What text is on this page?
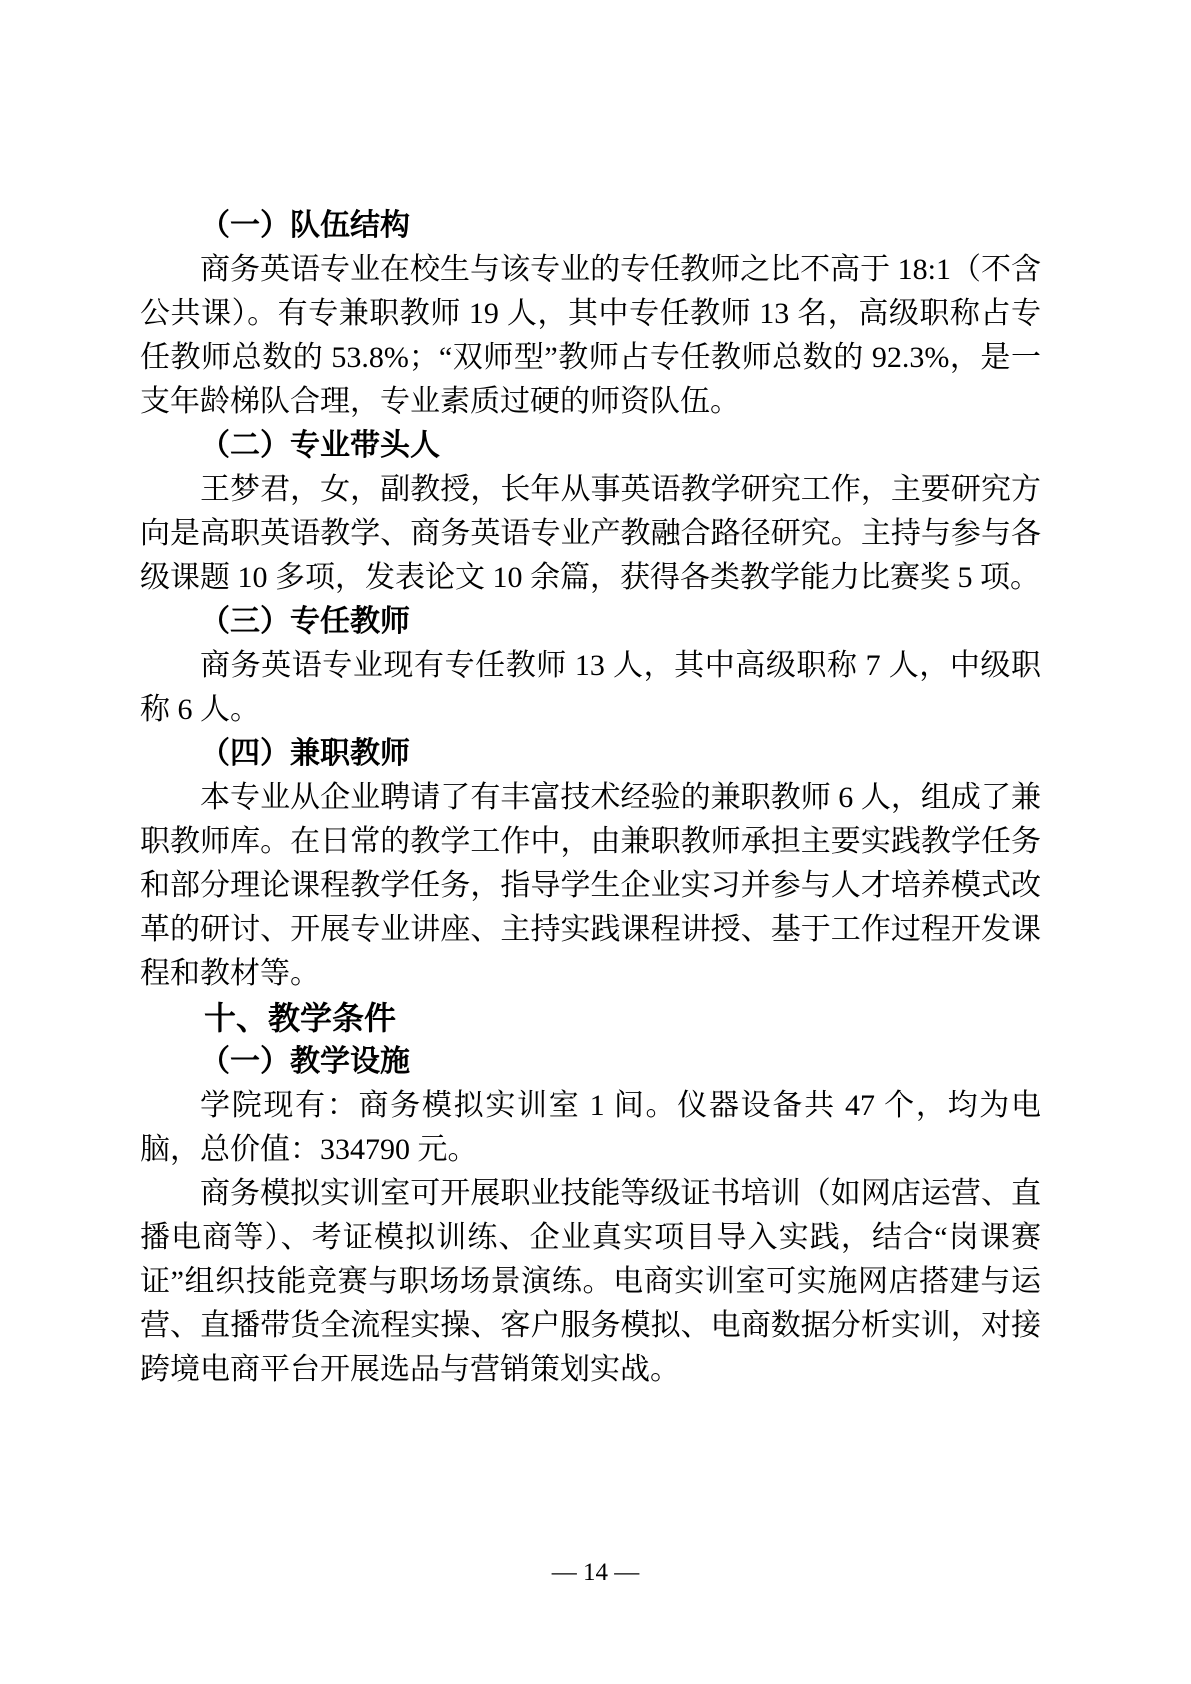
（一）队伍结构
商务英语专业在校生与该专业的专任教师之比不高于 18:1（不含公共课）。有专兼职教师 19 人，其中专任教师 13 名，高级职称占专任教师总数的 53.8%；“双师型”教师占专任教师总数的 92.3%，是一支年龄梯队合理，专业素质过硬的师资队伍。
（二）专业带头人
王梦君，女，副教授，长年从事英语教学研究工作，主要研究方向是高职英语教学、商务英语专业产教融合路径研究。主持与参与各级课题 10 多项，发表论文 10 余篇，获得各类教学能力比赛奖 5 项。
（三）专任教师
商务英语专业现有专任教师 13 人，其中高级职称 7 人，中级职称 6 人。
（四）兼职教师
本专业从企业聘请了有丰富技术经验的兼职教师 6 人，组成了兼职教师库。在日常的教学工作中，由兼职教师承担主要实践教学任务和部分理论课程教学任务，指导学生企业实习并参与人才培养模式改革的研讨、开展专业讲座、主持实践课程讲授、基于工作过程开发课程和教材等。
十、教学条件
（一）教学设施
学院现有：商务模拟实训室 1 间。仪器设备共 47 个，均为电脑，总价值：334790 元。
商务模拟实训室可开展职业技能等级证书培训（如网店运营、直播电商等）、考证模拟训练、企业真实项目导入实践，结合“岗课赛证”组织技能竞赛与职场场景演练。电商实训室可实施网店搭建与运营、直播带货全流程实操、客户服务模拟、电商数据分析实训，对接跨境电商平台开展选品与营销策划实战。
— 14 —
